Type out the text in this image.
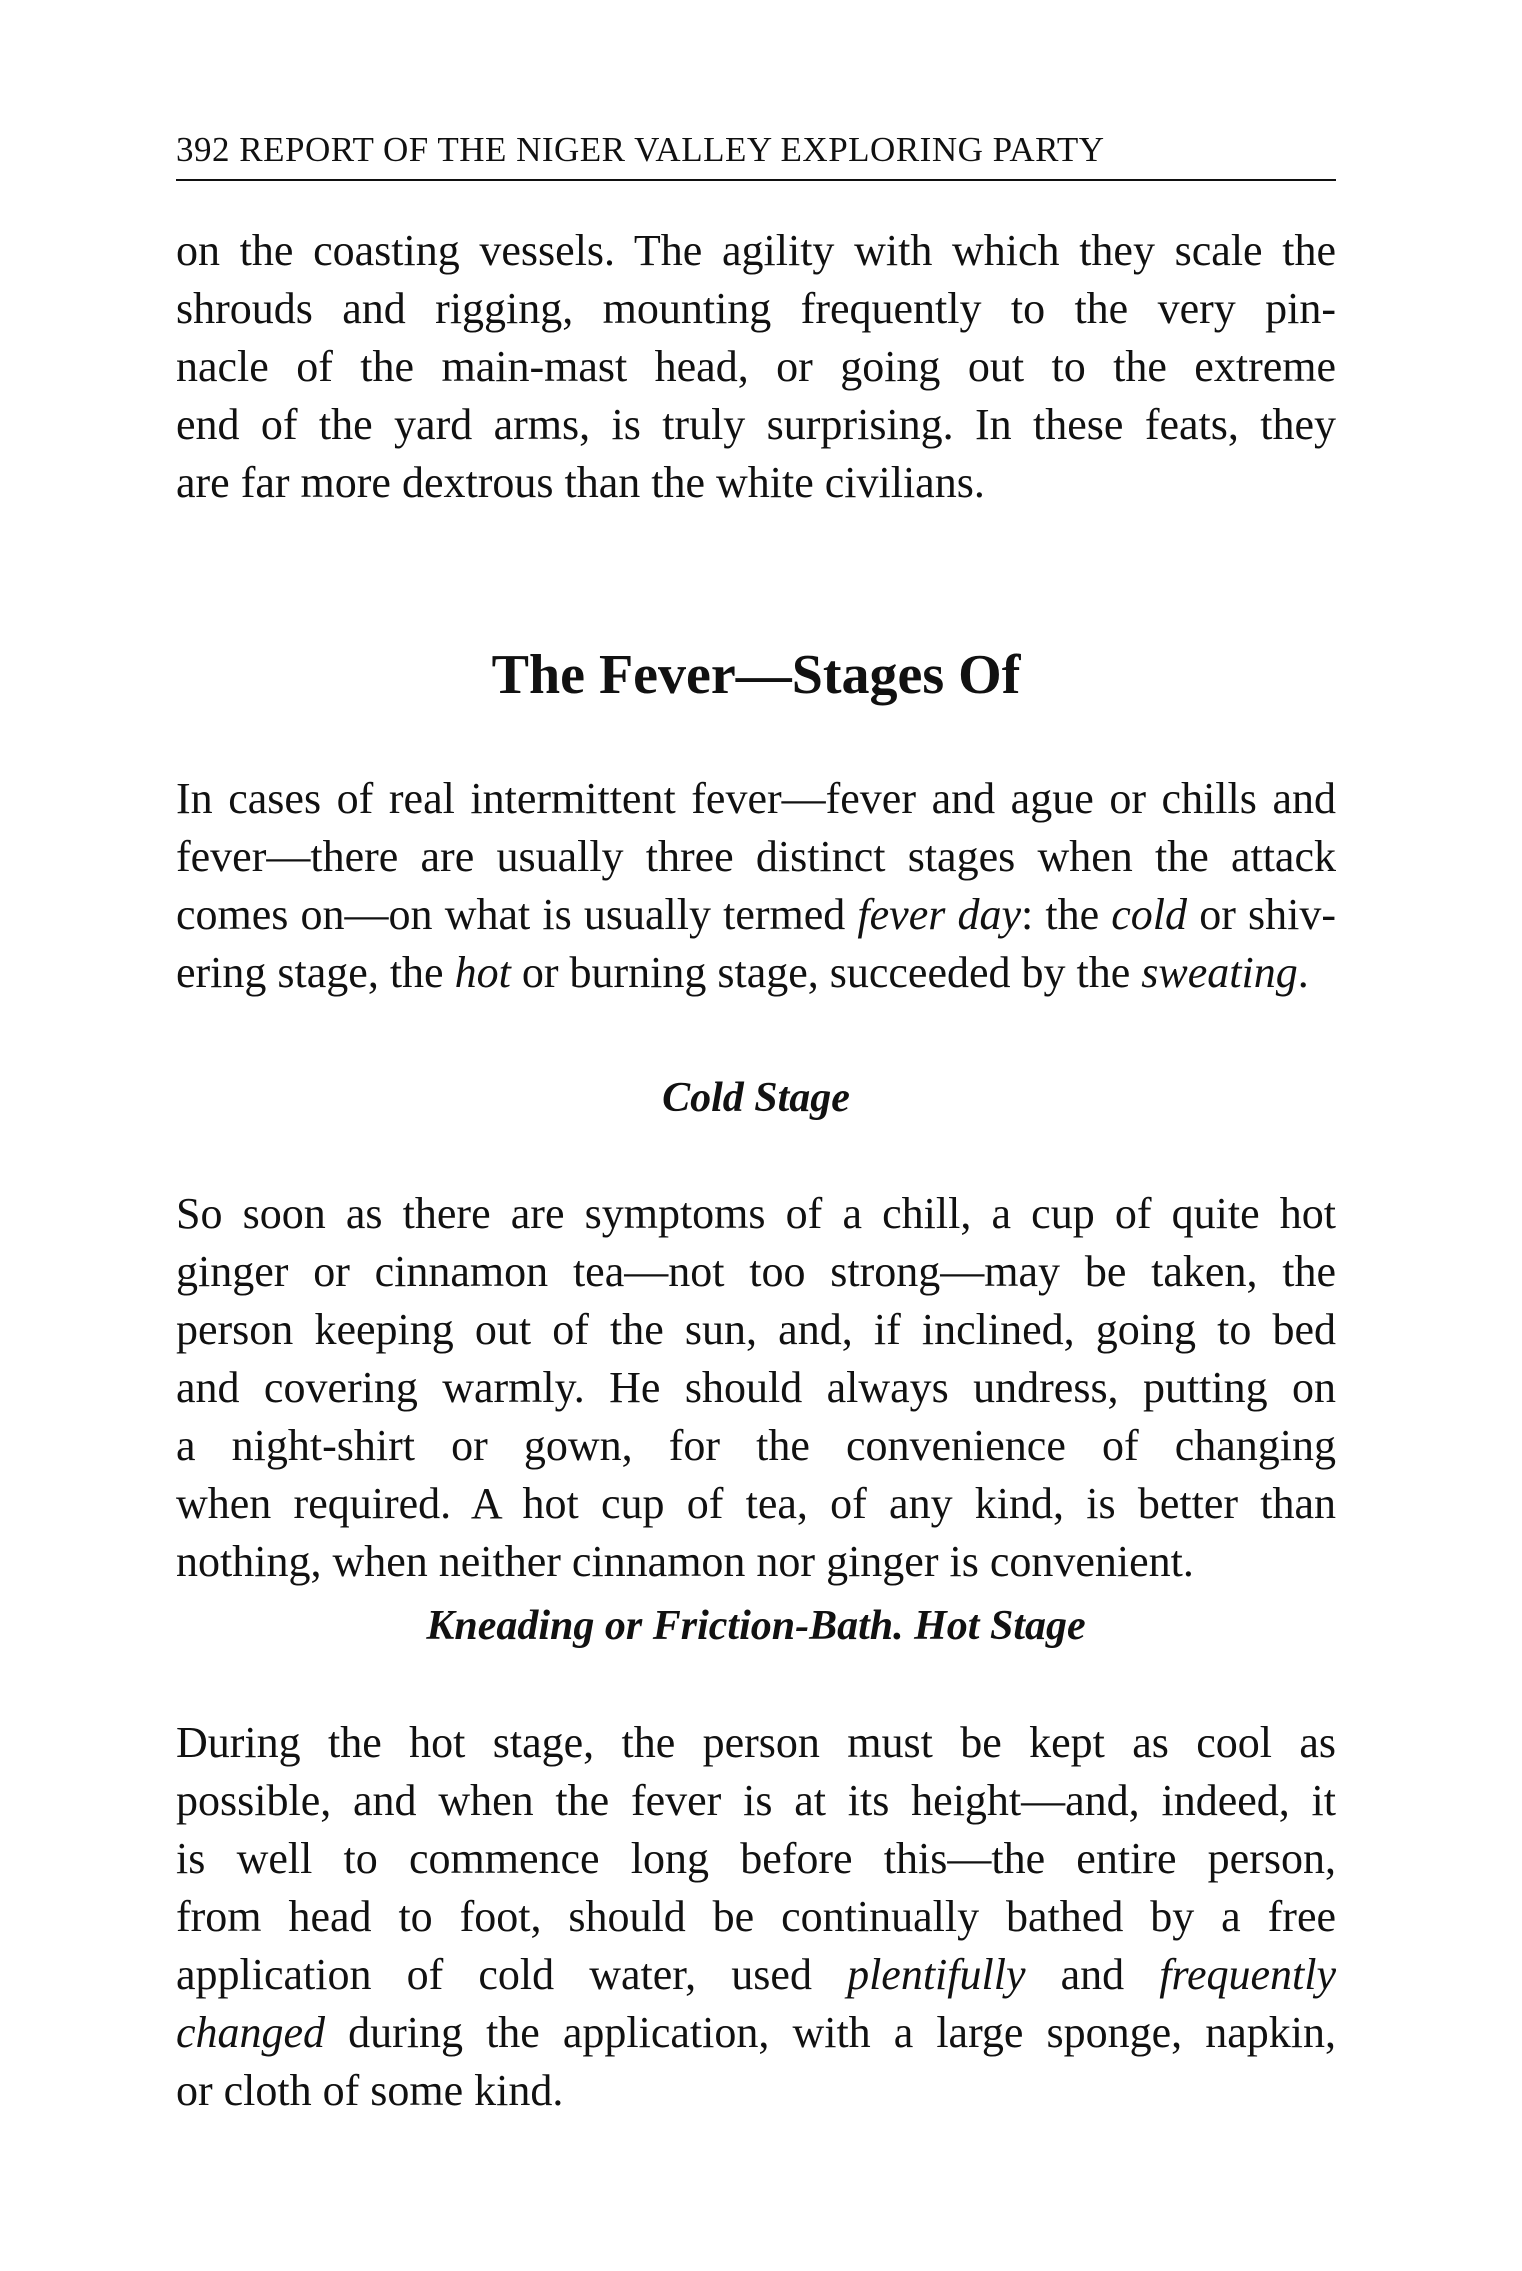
392 REPORT OF THE NIGER VALLEY EXPLORING PARTY

on the coasting vessels. The agility with which they scale the
shrouds and rigging, mounting frequently to the very pin-
nacle of the main-mast head, or going out to the extreme
end of the yard arms, is truly surprising. In these feats, they
are far more dextrous than the white civilians.

The Fever—Stages Of

In cases of real intermittent fever—fever and ague or chills and
fever—there are usually three distinct stages when the attack
comes on—on what is usually termed fever day: the cold or shiv-
ering stage, the hot or burning stage, succeeded by the sweating.

Cold Stage

So soon as there are symptoms of a chill, a cup of quite hot
ginger or cinnamon tea—not too strong—may be taken, the
person keeping out of the sun, and, if inclined, going to bed
and covering warmly. He should always undress, putting on
a night-shirt or gown, for the convenience of changing
when required. A hot cup of tea, of any kind, is better than
nothing, when neither cinnamon nor ginger is convenient.

Kneading or Friction-Bath. Hot Stage

During the hot stage, the person must be kept as cool as
possible, and when the fever is at its height—and, indeed, it
is well to commence long before this—the entire person,
from head to foot, should be continually bathed by a free
application of cold water, used plentifully and frequently
changed during the application, with a large sponge, napkin,
or cloth of some kind.
